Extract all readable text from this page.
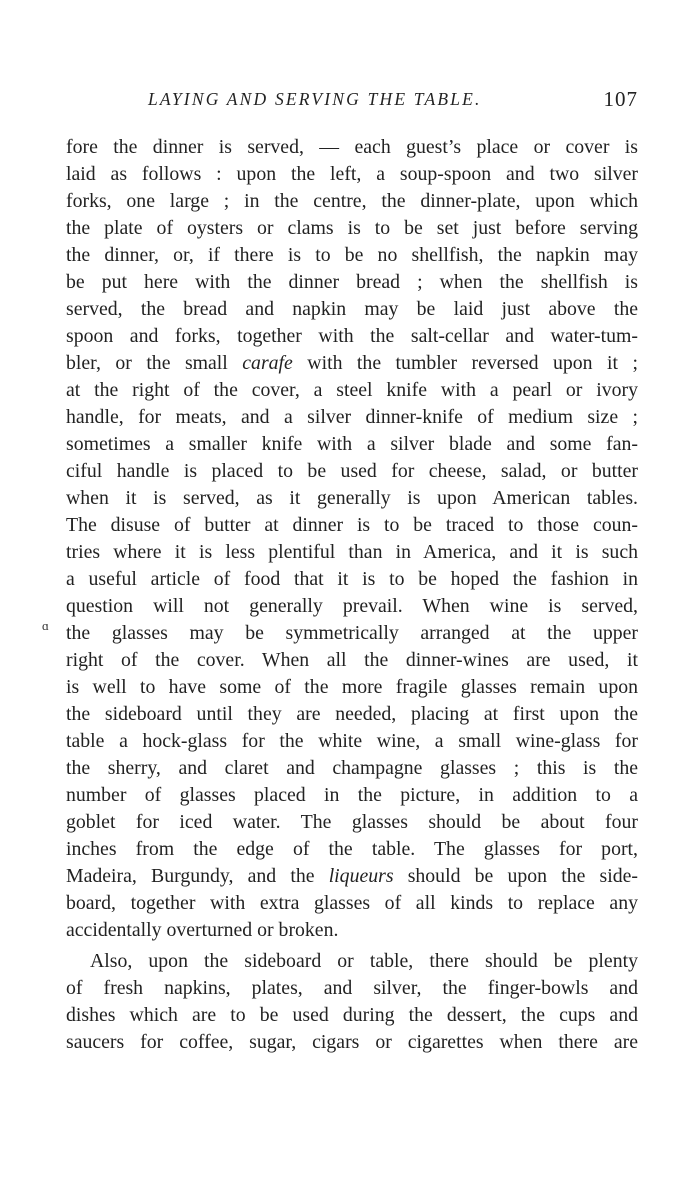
LAYING AND SERVING THE TABLE.	107
ɑ
fore the dinner is served, — each guest’s place or cover is
laid as follows : upon the left, a soup-spoon and two silver
forks, one large ; in the centre, the dinner-plate, upon which
the plate of oysters or clams is to be set just before serving
the dinner, or, if there is to be no shellfish, the napkin may
be put here with the dinner bread ; when the shellfish is
served, the bread and napkin may be laid just above the
spoon and forks, together with the salt-cellar and water-tum-
bler, or the small carafe with the tumbler reversed upon it ;
at the right of the cover, a steel knife with a pearl or ivory
handle, for meats, and a silver dinner-knife of medium size ;
sometimes a smaller knife with a silver blade and some fan-
ciful handle is placed to be used for cheese, salad, or butter
when it is served, as it generally is upon American tables.
The disuse of butter at dinner is to be traced to those coun-
tries where it is less plentiful than in America, and it is such
a useful article of food that it is to be hoped the fashion in
question will not generally prevail. When wine is served,
the glasses may be symmetrically arranged at the upper
right of the cover. When all the dinner-wines are used, it
is well to have some of the more fragile glasses remain upon
the sideboard until they are needed, placing at first upon the
table a hock-glass for the white wine, a small wine-glass for
the sherry, and claret and champagne glasses ; this is the
number of glasses placed in the picture, in addition to a
goblet for iced water. The glasses should be about four
inches from the edge of the table. The glasses for port,
Madeira, Burgundy, and the liqueurs should be upon the side-
board, together with extra glasses of all kinds to replace any
accidentally overturned or broken.
Also, upon the sideboard or table, there should be plenty
of fresh napkins, plates, and silver, the finger-bowls and
dishes which are to be used during the dessert, the cups and
saucers for coffee, sugar, cigars or cigarettes when there are
